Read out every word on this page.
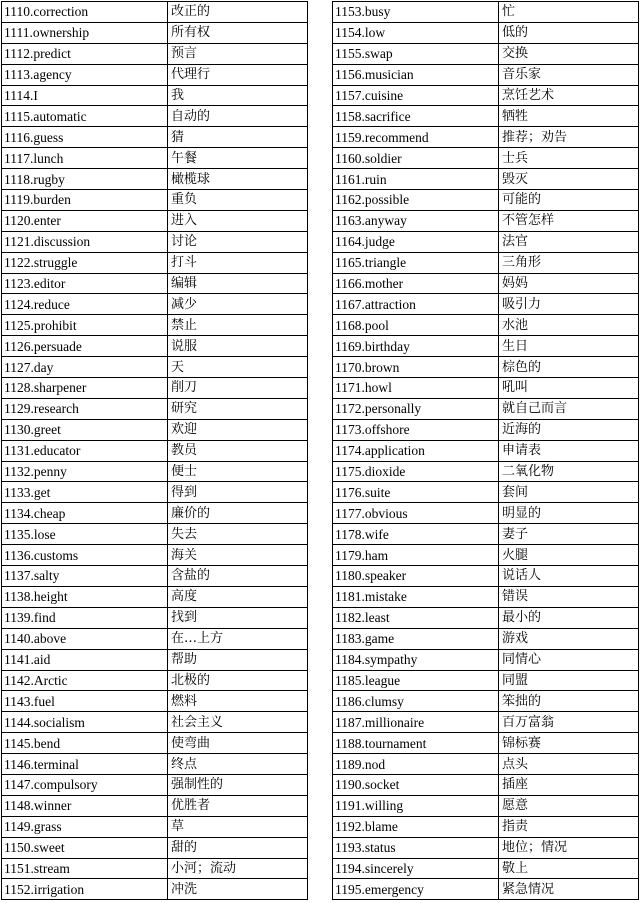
1110.correction	改正的
1111.ownership	所有权
1112.predict	预言
1113.agency	代理行
1114.I	我
1115.automatic	自动的
1116.guess	猜
1117.lunch	午餐
1118.rugby	橄榄球
1119.burden	重负
1120.enter	进入
1121.discussion	讨论
1122.struggle	打斗
1123.editor	编辑
1124.reduce	减少
1125.prohibit	禁止
1126.persuade	说服
1127.day	天
1128.sharpener	削刀
1129.research	研究
1130.greet	欢迎
1131.educator	教员
1132.penny	便士
1133.get	得到
1134.cheap	廉价的
1135.lose	失去
1136.customs	海关
1137.salty	含盐的
1138.height	高度
1139.find	找到
1140.above	在…上方
1141.aid	帮助
1142.Arctic	北极的
1143.fuel	燃料
1144.socialism	社会主义
1145.bend	使弯曲
1146.terminal	终点
1147.compulsory	强制性的
1148.winner	优胜者
1149.grass	草
1150.sweet	甜的
1151.stream	小河；流动
1152.irrigation	冲洗
1153.busy	忙
1154.low	低的
1155.swap	交换
1156.musician	音乐家
1157.cuisine	烹饪艺术
1158.sacrifice	牺牲
1159.recommend	推荐；劝告
1160.soldier	士兵
1161.ruin	毁灭
1162.possible	可能的
1163.anyway	不管怎样
1164.judge	法官
1165.triangle	三角形
1166.mother	妈妈
1167.attraction	吸引力
1168.pool	水池
1169.birthday	生日
1170.brown	棕色的
1171.howl	吼叫
1172.personally	就自己而言
1173.offshore	近海的
1174.application	申请表
1175.dioxide	二氧化物
1176.suite	套间
1177.obvious	明显的
1178.wife	妻子
1179.ham	火腿
1180.speaker	说话人
1181.mistake	错误
1182.least	最小的
1183.game	游戏
1184.sympathy	同情心
1185.league	同盟
1186.clumsy	笨拙的
1187.millionaire	百万富翁
1188.tournament	锦标赛
1189.nod	点头
1190.socket	插座
1191.willing	愿意
1192.blame	指责
1193.status	地位；情况
1194.sincerely	敬上
1195.emergency	紧急情况
